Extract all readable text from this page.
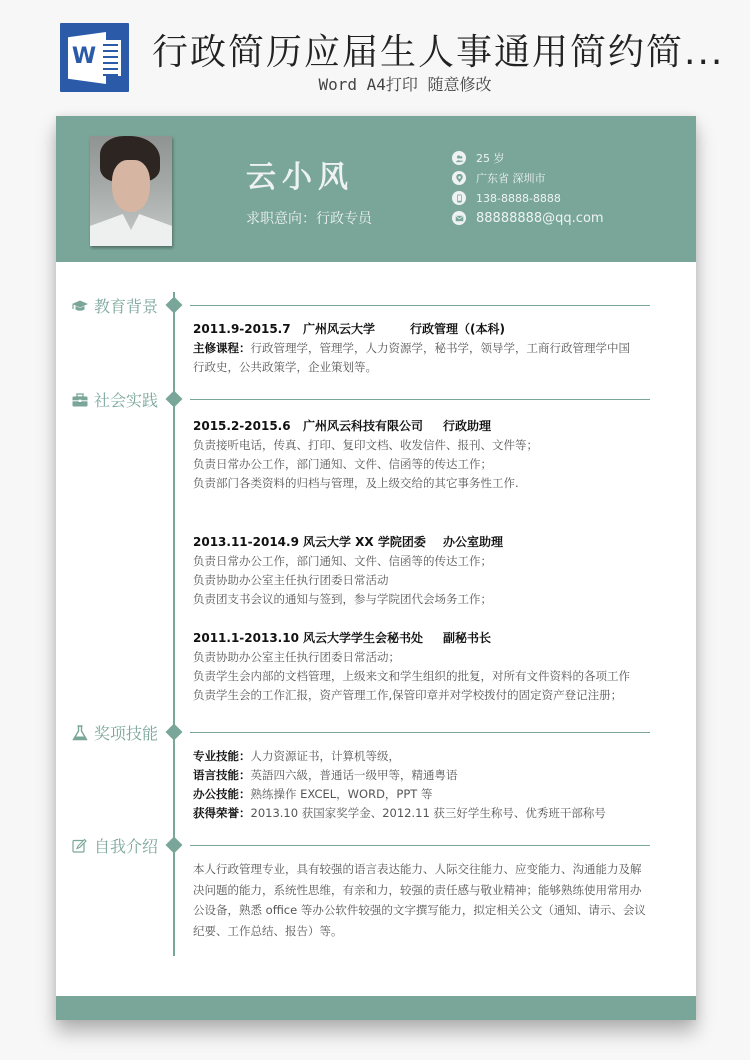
W 行政简历应届生人事通用简约简...
Word A4打印 随意修改
云小风
求职意向：行政专员
25 岁
广东省 深圳市
138-8888-8888
88888888@qq.com
教育背景
2011.9-2015.7 广州风云大学	行政管理（(本科)
主修课程：行政管理学，管理学，人力资源学，秘书学，领导学，工商行政管理学中国
行政史，公共政策学，企业策划等。
社会实践
2015.2-2015.6 广州风云科技有限公司 行政助理
负责接听电话，传真、打印、复印文档、收发信件、报刊、文件等；
负责日常办公工作，部门通知、文件、信函等的传达工作；
负责部门各类资料的归档与管理，及上级交给的其它事务性工作.
2013.11-2014.9 风云大学 XX 学院团委 办公室助理
负责日常办公工作，部门通知、文件、信函等的传达工作；
负责协助办公室主任执行团委日常活动
负责团支书会议的通知与签到，参与学院团代会场务工作；
2011.1-2013.10 风云大学学生会秘书处 副秘书长
负责协助办公室主任执行团委日常活动；
负责学生会内部的文档管理，上级来文和学生组织的批复，对所有文件资料的各项工作
负责学生会的工作汇报，资产管理工作,保管印章并对学校拨付的固定资产登记注册；
奖项技能
专业技能：人力资源证书，计算机等级，
语言技能：英語四六級，普通话一级甲等，精通粤语
办公技能：熟练操作 EXCEL，WORD，PPT 等
获得荣誉：2013.10 获国家奖学金、2012.11 获三好学生称号、优秀班干部称号
自我介绍
本人行政管理专业，具有较强的语言表达能力、人际交往能力、应变能力、沟通能力及解决问题的能力，系统性思维，有亲和力，较强的责任感与敬业精神；能够熟练使用常用办公设备，熟悉 office 等办公软件较强的文字撰写能力，拟定相关公文（通知、请示、会议纪要、工作总结、报告）等。
